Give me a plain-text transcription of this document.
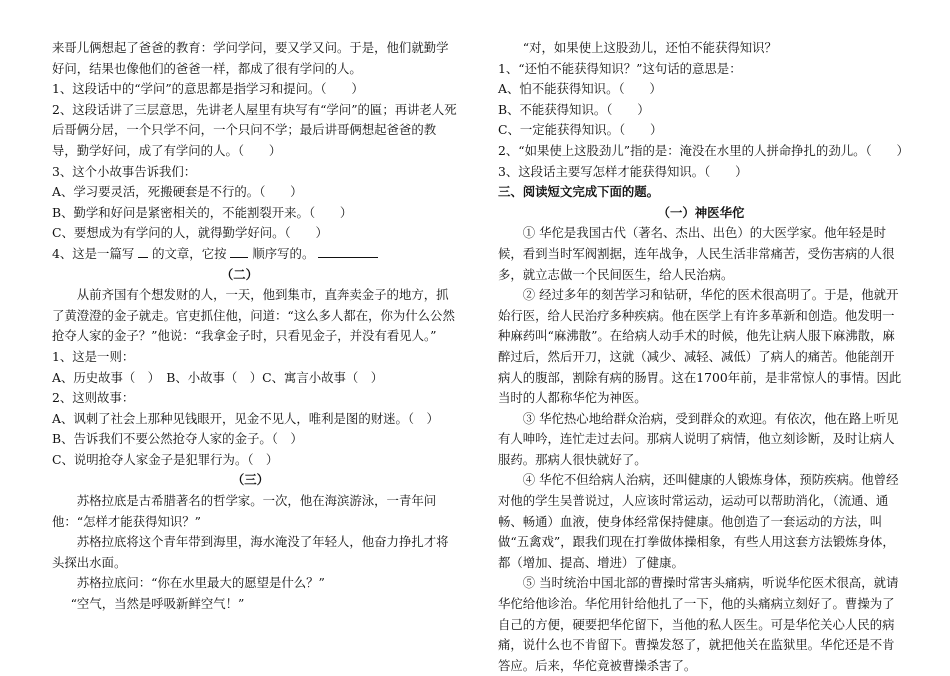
来哥儿俩想起了爸爸的教育：学问学问，要又学又问。于是，他们就勤学好问，结果也像他们的爸爸一样，都成了很有学问的人。

1、这段话中的“学问”的意思都是指学习和提问。（　　）

2、这段话讲了三层意思，先讲老人屋里有块写有“学问”的匾；再讲老人死后哥俩分居，一个只学不问，一个只问不学；最后讲哥俩想起爸爸的教导，勤学好问，成了有学问的人。（　　）

3、这个小故事告诉我们：

A、学习要灵活，死搬硬套是不行的。（　　）

B、勤学和好问是紧密相关的，不能割裂开来。（　　）

C、要想成为有学问的人，就得勤学好问。（　　）

4、这是一篇写 的文章，它按 顺序写的。

（二）

从前齐国有个想发财的人，一天，他到集市，直奔卖金子的地方，抓了黄澄澄的金子就走。官吏抓住他，问道：“这么多人都在，你为什么公然抢夺人家的金子？”他说：“我拿金子时，只看见金子，并没有看见人。”

1、这是一则：

A、历史故事（　）　B、小故事（　）C、寓言小故事（　）

2、这则故事：

A、讽刺了社会上那种见钱眼开，见金不见人，唯利是图的财迷。（　）B、告诉我们不要公然抢夺人家的金子。（　）

C、说明抢夺人家金子是犯罪行为。（　）

（三）

苏格拉底是古希腊著名的哲学家。一次，他在海滨游泳，一青年问他：“怎样才能获得知识？”

苏格拉底将这个青年带到海里，海水淹没了年轻人，他奋力挣扎才将头探出水面。

苏格拉底问：“你在水里最大的愿望是什么？”

“空气，当然是呼吸新鲜空气！”

“对，如果使上这股劲儿，还怕不能获得知识？

1、“还怕不能获得知识？”这句话的意思是：

A、怕不能获得知识。（　　）

B、不能获得知识。（　　）

C、一定能获得知识。（　　）

2、“如果使上这股劲儿”指的是：淹没在水里的人拼命挣扎的劲儿。（　　）

3、这段话主要写怎样才能获得知识。（　　）

三、阅读短文完成下面的题。

（一）神医华佗

① 华佗是我国古代（著名、杰出、出色）的大医学家。他年轻是时候，看到当时军阀割据，连年战争，人民生活非常痛苦，受伤害病的人很多，就立志做一个民间医生，给人民治病。

② 经过多年的刻苦学习和钻研，华佗的医术很高明了。于是，他就开始行医，给人民治疗多种疾病。他在医学上有许多革新和创造。他发明一种麻药叫“麻沸散”。在给病人动手术的时候，他先让病人服下麻沸散，麻醉过后，然后开刀，这就（减少、减轻、减低）了病人的痛苦。他能剖开病人的腹部，割除有病的肠胃。这在1700年前，是非常惊人的事情。因此当时的人都称华佗为神医。

③ 华佗热心地给群众治病，受到群众的欢迎。有依次，他在路上听见有人呻吟，连忙走过去问。那病人说明了病情，他立刻诊断，及时让病人服药。那病人很快就好了。

④ 华佗不但给病人治病，还叫健康的人锻炼身体，预防疾病。他曾经对他的学生吴普说过，人应该时常运动，运动可以帮助消化，（流通、通畅、畅通）血液，使身体经常保持健康。他创造了一套运动的方法，叫做“五禽戏”，跟我们现在打拳做体操相象，有些人用这套方法锻炼身体，都（增加、提高、增进）了健康。

⑤ 当时统治中国北部的曹操时常害头痛病，听说华佗医术很高，就请华佗给他诊治。华佗用针给他扎了一下，他的头痛病立刻好了。曹操为了自己的方便，硬要把华佗留下，当他的私人医生。可是华佗关心人民的病痛，说什么也不肯留下。曹操发怒了，就把他关在监狱里。华佗还是不肯答应。后来，华佗竟被曹操杀害了。
